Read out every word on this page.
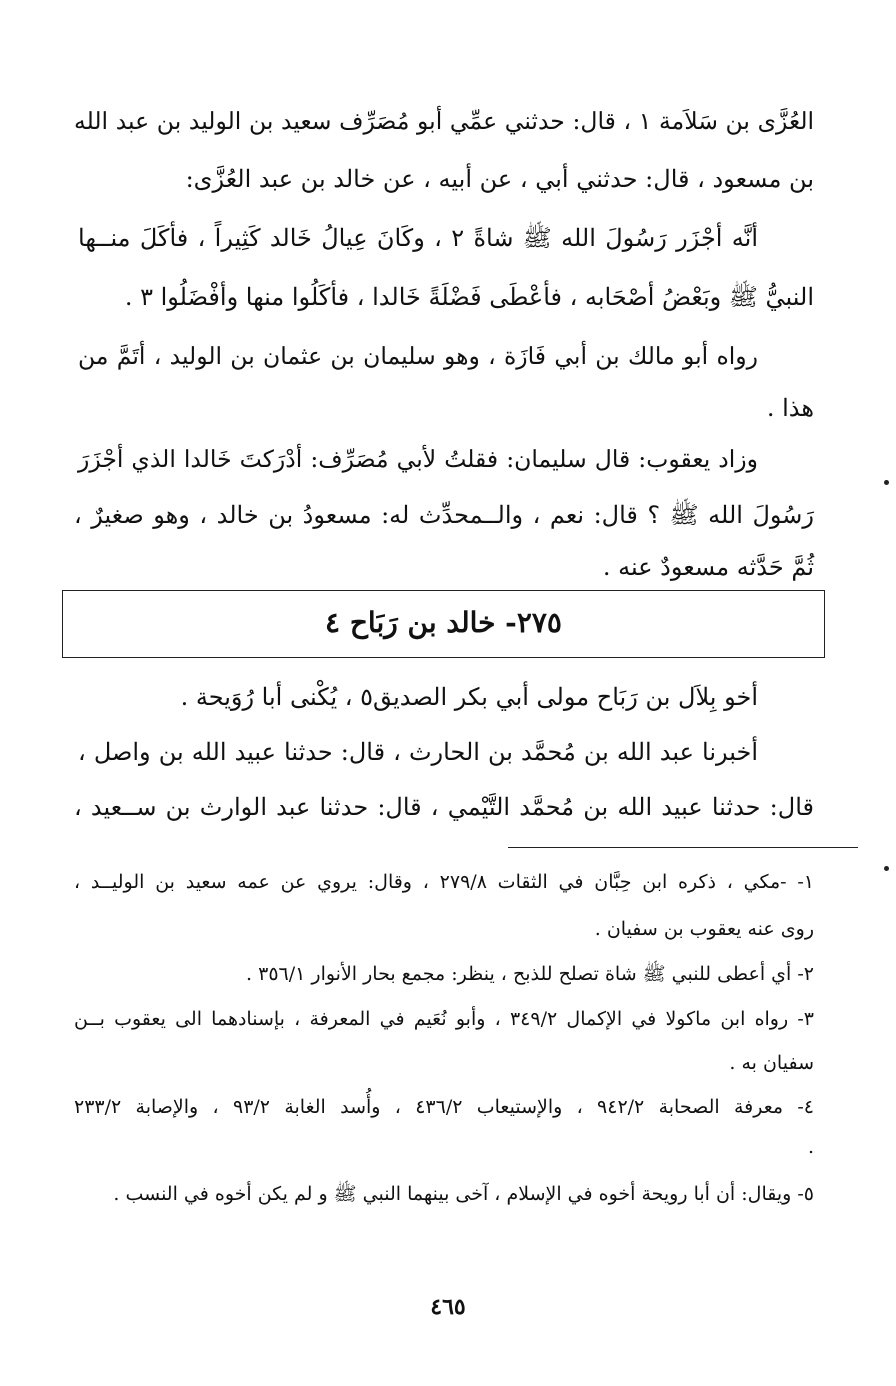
العُزَّى بن سَلاَمة ١ ، قال: حدثني عمِّي أبو مُصَرِّف سعيد بن الوليد بن عبد الله
بن مسعود ، قال: حدثني أبي ، عن أبيه ، عن خالد بن عبد العُزَّى:
أنَّه أجْزَر رَسُولَ الله ﷺ شاةً ٢ ، وكَانَ عِيالُ خَالد كَثِيراً ، فأكَلَ منــها
النبيُّ ﷺ وبَعْضُ أصْحَابه ، فأعْطَى فَضْلَةً خَالدا ، فأكَلُوا منها وأفْضَلُوا ٣ .
رواه أبو مالك بن أبي فَازَة ، وهو سليمان بن عثمان بن الوليد ، أتَمَّ من
هذا .
وزاد يعقوب: قال سليمان: فقلتُ لأبي مُصَرِّف: أدْرَكتَ خَالدا الذي أجْزَرَ
رَسُولَ الله ﷺ ؟ قال: نعم ، والــمحدِّث له: مسعودُ بن خالد ، وهو صغيرٌ ،
ثُمَّ حَدَّثه مسعودٌ عنه .
٢٧٥- خالد بن رَبَاح ٤
أخو بِلاَل بن رَبَاح مولى أبي بكر الصديق٥ ، يُكْنى أبا رُوَيحة .
أخبرنا عبد الله بن مُحمَّد بن الحارث ، قال: حدثنا عبيد الله بن واصل ،
قال: حدثنا عبيد الله بن مُحمَّد التَّيْمي ، قال: حدثنا عبد الوارث بن ســعيد ،
١- -مكي ، ذكره ابن حِبَّان في الثقات ٢٧٩/٨ ، وقال: يروي عن عمه سعيد بن الوليــد ،
روى عنه يعقوب بن سفيان .
٢- أي أعطى للنبي ﷺ شاة تصلح للذبح ، ينظر: مجمع بحار الأنوار ٣٥٦/١ .
٣- رواه ابن ماكولا في الإكمال ٣٤٩/٢ ، وأبو نُعَيم في المعرفة ، بإسنادهما الى يعقوب بــن
سفيان به .
٤- معرفة الصحابة ٩٤٢/٢ ، والإستيعاب ٤٣٦/٢ ، وأُسد الغابة ٩٣/٢ ، والإصابة ٢٣٣/٢
.
٥- ويقال: أن أبا رويحة أخوه في الإسلام ، آخى بينهما النبي ﷺ و لم يكن أخوه في النسب .
٤٦٥
